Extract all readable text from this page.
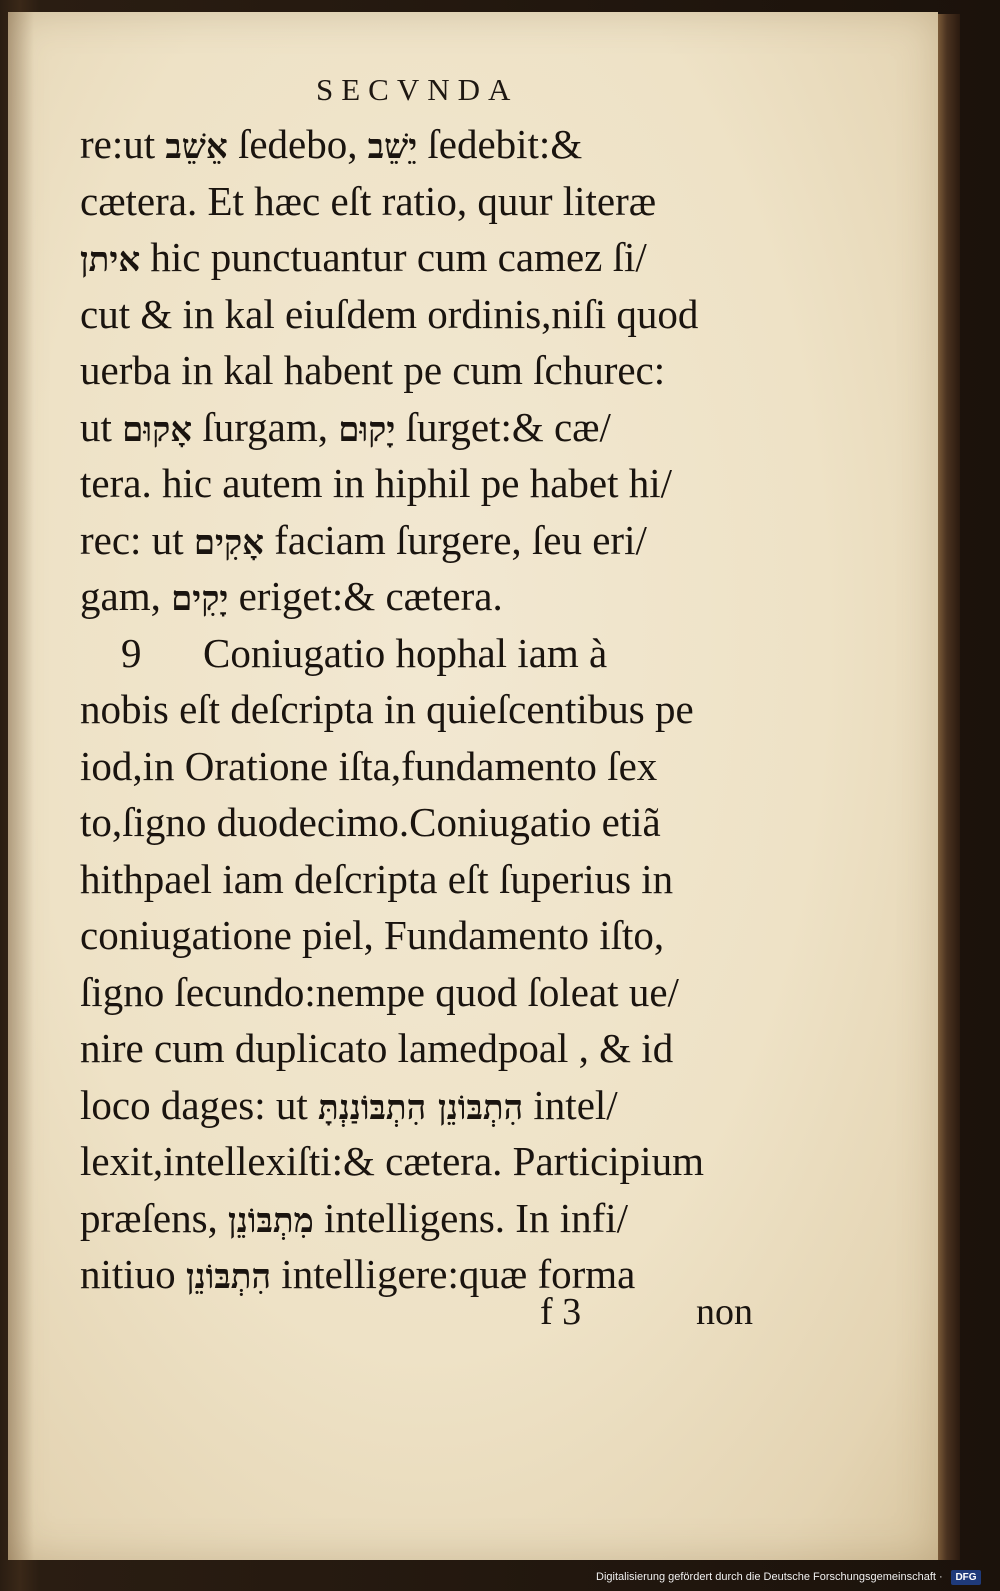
SECVNDA
re:ut אֵשֵׁב ſedebo, יֵשֵׁב ſedebit:&
cætera. Et hæc eſt ratio, quur literæ
איתן hic punctuantur cum camez ſi/
cut & in kal eiuſdem ordinis,niſi quod
uerba in kal habent pe cum ſchurec:
ut אָקוּם ſurgam, יָקוּם ſurget:& cæ/
tera. hic autem in hiphil pe habet hi/
rec: ut אָקִים faciam ſurgere, ſeu eri/
gam, יָקִים eriget:& cætera.
9      Coniugatio hophal iam à
nobis eſt deſcripta in quieſcentibus pe
iod,in Oratione iſta,fundamento ſex
to,ſigno duodecimo.Coniugatio etiã
hithpael iam deſcripta eſt ſuperius in
coniugatione piel, Fundamento iſto,
ſigno ſecundo:nempe quod ſoleat ue/
nire cum duplicato lamedpoal , & id
loco dages: ut הִתְבּוֹנֵן הִתְבּוֹנַנְתָּ intel/
lexit,intellexiſti:& cætera. Participium
præſens, מִתְבּוֹנֵן intelligens. In infi/
nitiuo הִתְבּוֹנֵן intelligere:quæ forma
f 3	non
Digitalisierung gefördert durch die Deutsche Forschungsgemeinschaft ·	DFG
